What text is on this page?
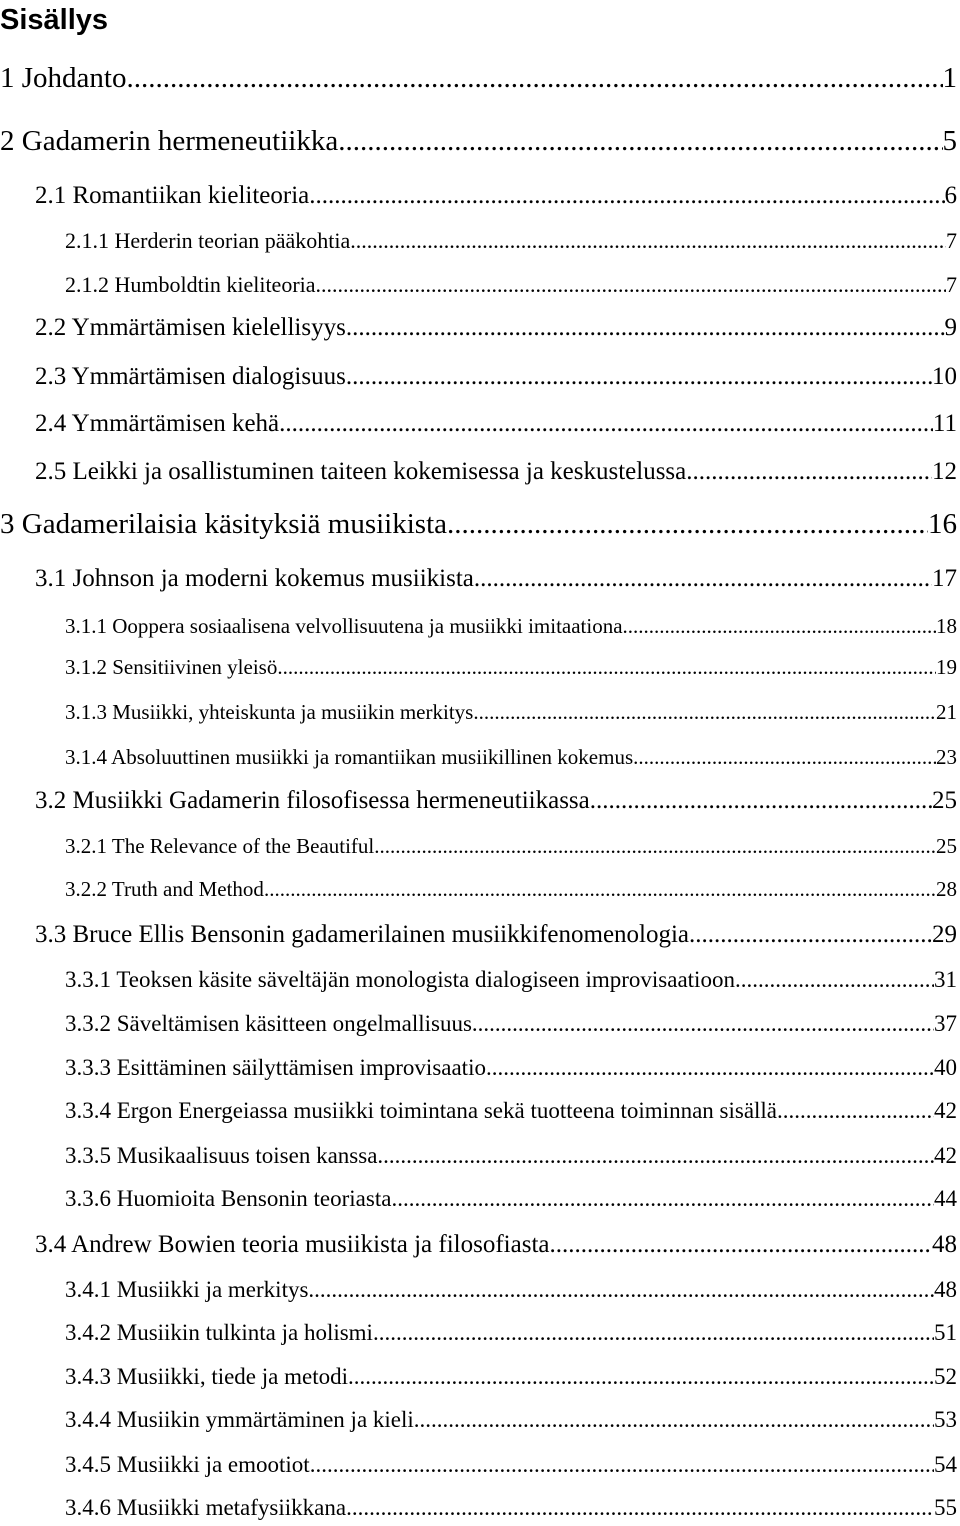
Sisällys
1 Johdanto .....	1
2 Gadamerin hermeneutiikka .....	5
2.1 Romantiikan kieliteoria .....	6
2.1.1 Herderin teorian pääkohtia .....	7
2.1.2 Humboldtin kieliteoria .....	7
2.2 Ymmärtämisen kielellisyys .....	9
2.3 Ymmärtämisen dialogisuus .....	10
2.4 Ymmärtämisen kehä .....	11
2.5 Leikki ja osallistuminen taiteen kokemisessa ja keskustelussa .....	12
3 Gadamerilaisia käsityksiä musiikista .....	16
3.1 Johnson ja moderni kokemus musiikista .....	17
3.1.1 Ooppera sosiaalisena velvollisuutena ja musiikki imitaationa .....	18
3.1.2 Sensitiivinen yleisö .....	19
3.1.3 Musiikki, yhteiskunta ja musiikin merkitys .....	21
3.1.4 Absoluuttinen musiikki ja romantiikan musiikillinen kokemus .....	23
3.2 Musiikki Gadamerin filosofisessa hermeneutiikassa .....	25
3.2.1 The Relevance of the Beautiful .....	25
3.2.2 Truth and Method .....	28
3.3 Bruce Ellis Bensonin gadamerilainen musiikkifenomenologia .....	29
3.3.1 Teoksen käsite säveltäjän monologista dialogiseen improvisaatioon .....	31
3.3.2 Säveltämisen käsitteen ongelmallisuus .....	37
3.3.3 Esittäminen säilyttämisen improvisaatio .....	40
3.3.4 Ergon Energeiassa musiikki toimintana sekä tuotteena toiminnan sisällä .....	42
3.3.5 Musikaalisuus toisen kanssa .....	42
3.3.6 Huomioita Bensonin teoriasta .....	44
3.4 Andrew Bowien teoria musiikista ja filosofiasta .....	48
3.4.1 Musiikki ja merkitys .....	48
3.4.2 Musiikin tulkinta ja holismi .....	51
3.4.3 Musiikki, tiede ja metodi .....	52
3.4.4 Musiikin ymmärtäminen ja kieli .....	53
3.4.5 Musiikki ja emootiot .....	54
3.4.6 Musiikki metafysiikkana .....	55
